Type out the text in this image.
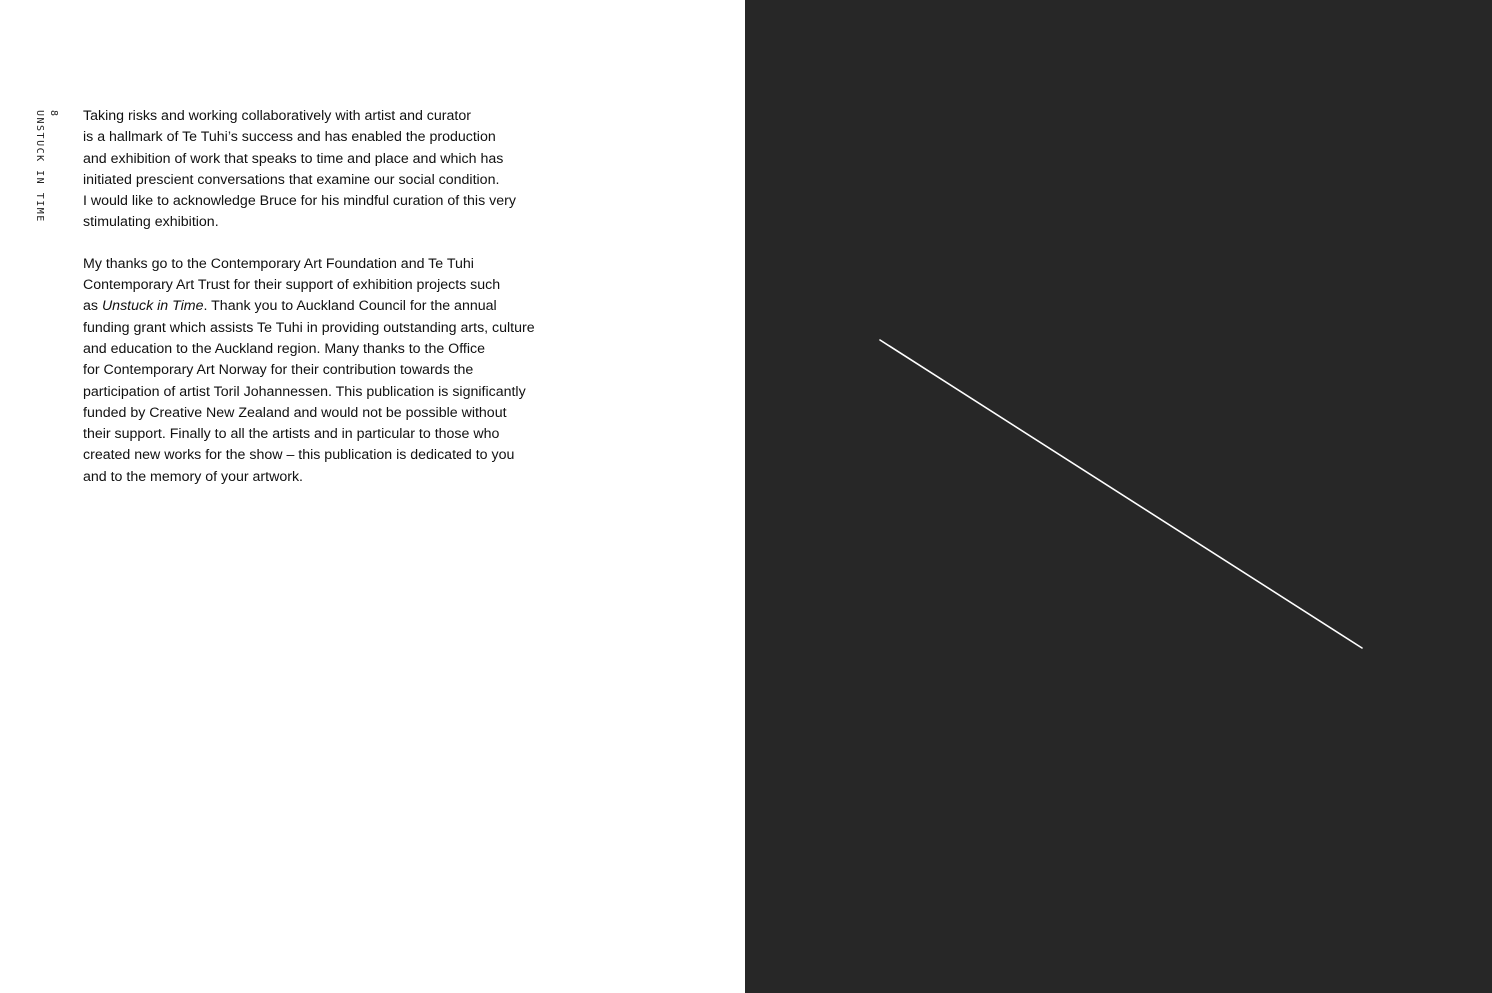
8
UNSTUCK IN TIME	Taking risks and working collaboratively with artist and curator
is a hallmark of Te Tuhi’s success and has enabled the production
and exhibition of work that speaks to time and place and which has
initiated prescient conversations that examine our social condition.
I would like to acknowledge Bruce for his mindful curation of this very
stimulating exhibition.

My thanks go to the Contemporary Art Foundation and Te Tuhi
Contemporary Art Trust for their support of exhibition projects such
as Unstuck in Time. Thank you to Auckland Council for the annual
funding grant which assists Te Tuhi in providing outstanding arts, culture
and education to the Auckland region. Many thanks to the Office
for Contemporary Art Norway for their contribution towards the
participation of artist Toril Johannessen. This publication is significantly
funded by Creative New Zealand and would not be possible without
their support. Finally to all the artists and in particular to those who
created new works for the show – this publication is dedicated to you
and to the memory of your artwork.
